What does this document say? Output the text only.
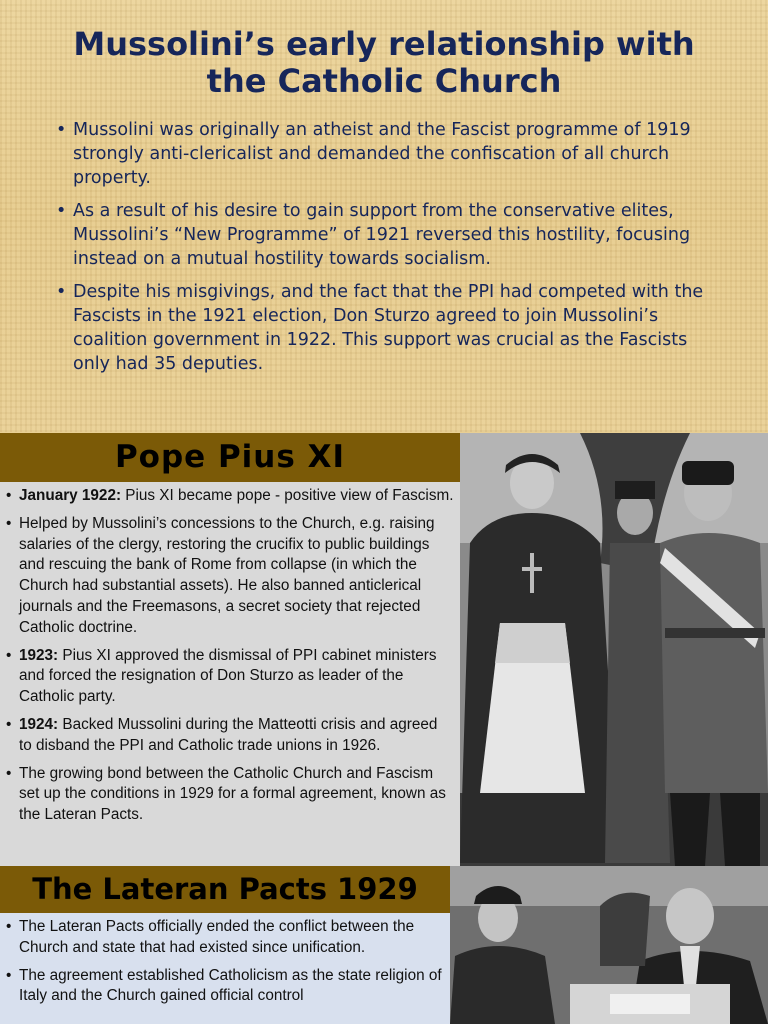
Mussolini’s early relationship with the Catholic Church
• Mussolini was originally an atheist and the Fascist programme of 1919 strongly anti-clericalist and demanded the confiscation of all church property.
• As a result of his desire to gain support from the conservative elites, Mussolini’s “New Programme” of 1921 reversed this hostility, focusing instead on a mutual hostility towards socialism.
• Despite his misgivings, and the fact that the PPI had competed with the Fascists in the 1921 election, Don Sturzo agreed to join Mussolini’s coalition government in 1922. This support was crucial as the Fascists only had 35 deputies.
Pope Pius XI
• January 1922: Pius XI became pope - positive view of Fascism.
• Helped by Mussolini’s concessions to the Church, e.g. raising salaries of the clergy, restoring the crucifix to public buildings and rescuing the bank of Rome from collapse (in which the Church had substantial assets). He also banned anticlerical journals and the Freemasons, a secret society that rejected Catholic doctrine.
• 1923: Pius XI approved the dismissal of PPI cabinet ministers and forced the resignation of Don Sturzo as leader of the Catholic party.
• 1924: Backed Mussolini during the Matteotti crisis and agreed to disband the PPI and Catholic trade unions in 1926.
• The growing bond between the Catholic Church and Fascism set up the conditions in 1929 for a formal agreement, known as the Lateran Pacts.
The Lateran Pacts 1929
• The Lateran Pacts officially ended the conflict between the Church and state that had existed since unification.
• The agreement established Catholicism as the state religion of Italy and the Church gained official control
